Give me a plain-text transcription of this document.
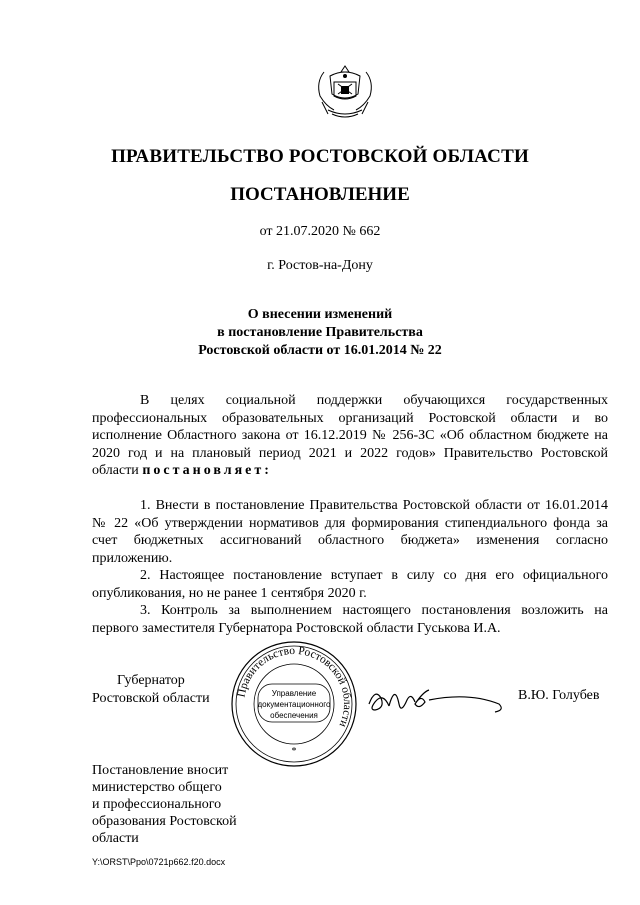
ПРАВИТЕЛЬСТВО РОСТОВСКОЙ ОБЛАСТИ
ПОСТАНОВЛЕНИЕ
от 21.07.2020 № 662
г. Ростов-на-Дону
О внесении изменений
в постановление Правительства
Ростовской области от 16.01.2014 № 22
В целях социальной поддержки обучающихся государственных профессиональных образовательных организаций Ростовской области и во исполнение Областного закона от 16.12.2019 № 256-ЗС «Об областном бюджете на 2020 год и на плановый период 2021 и 2022 годов» Правительство Ростовской области постановляет:
1. Внести в постановление Правительства Ростовской области от 16.01.2014 № 22 «Об утверждении нормативов для формирования стипендиального фонда за счет бюджетных ассигнований областного бюджета» изменения согласно приложению.
2. Настоящее постановление вступает в силу со дня его официального опубликования, но не ранее 1 сентября 2020 г.
3. Контроль за выполнением настоящего постановления возложить на первого заместителя Губернатора Ростовской области Гуськова И.А.
Губернатор
Ростовской области Правительство Ростовской области
Управление
документационного
обеспечения
*
В.Ю. Голубев
Постановление вносит
министерство общего
и профессионального
образования Ростовской
области
Y:\ORST\Ppo\0721p662.f20.docx
